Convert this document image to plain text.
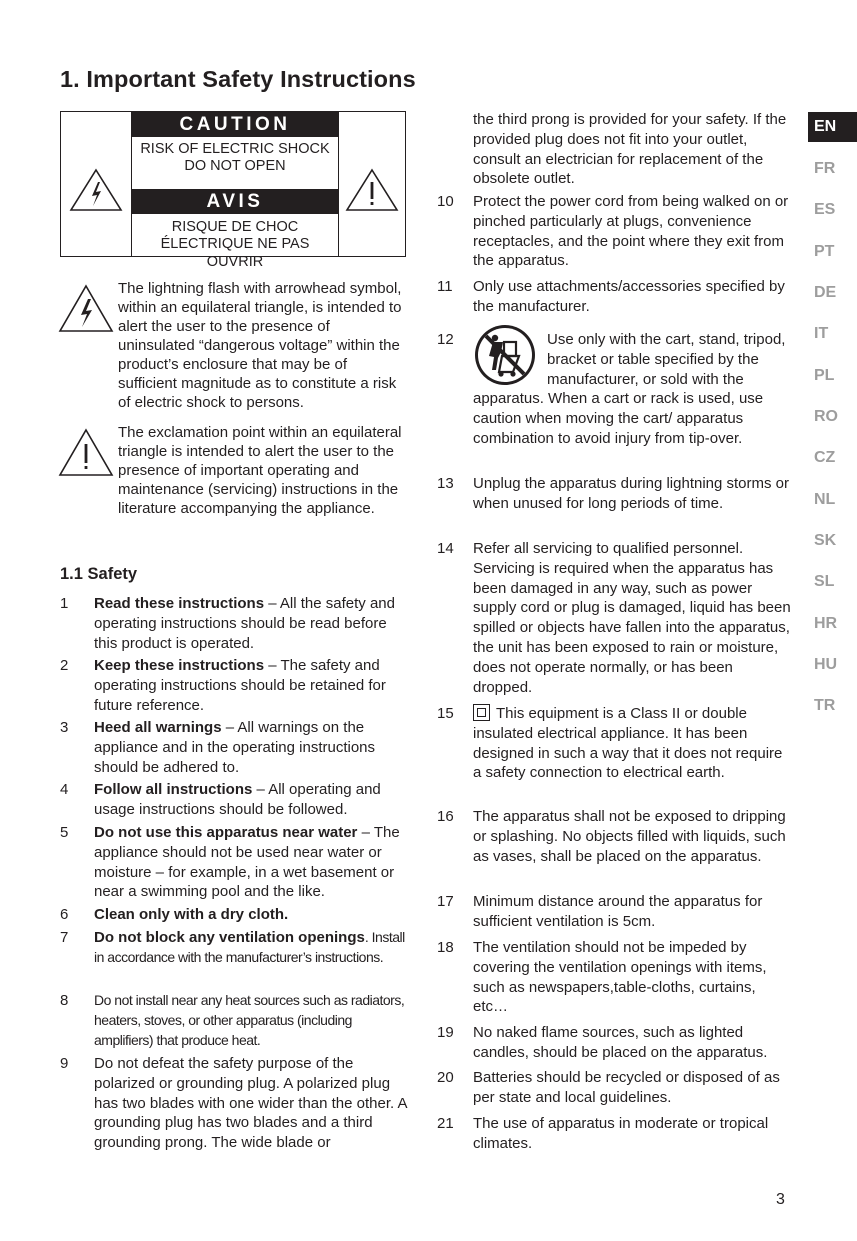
1. Important Safety Instructions
CAUTION
RISK OF ELECTRIC SHOCK
DO NOT OPEN
AVIS
RISQUE DE CHOC
ÉLECTRIQUE NE PAS OUVRIR
The lightning flash with arrowhead symbol, within an equilateral triangle, is intended to alert the user to the presence of uninsulated “dangerous voltage” within the product’s enclosure that may be of sufficient magnitude as to constitute a risk of electric shock to persons.
The exclamation point within an equilateral triangle is intended to alert the user to the presence of important operating and maintenance (servicing) instructions in the literature accompanying the appliance.
1.1 Safety
1 Read these instructions – All the safety and operating instructions should be read before this product is operated.
2 Keep these instructions – The safety and operating instructions should be retained for future reference.
3 Heed all warnings – All warnings on the appliance and in the operating instructions should be adhered to.
4 Follow all instructions – All operating and usage instructions should be followed.
5 Do not use this apparatus near water – The appliance should not be used near water or moisture – for example, in a wet basement or near a swimming pool and the like.
6 Clean only with a dry cloth.
7 Do not block any ventilation openings. Install in accordance with the manufacturer’s instructions.
8 Do not install near any heat sources such as radiators, heaters, stoves, or other apparatus (including amplifiers) that produce heat.
9 Do not defeat the safety purpose of the polarized or grounding plug. A polarized plug has two blades with one wider than the other. A grounding plug has two blades and a third grounding prong. The wide blade or
the third prong is provided for your safety. If the provided plug does not fit into your outlet, consult an electrician for replacement of the obsolete outlet.
10 Protect the power cord from being walked on or pinched particularly at plugs, convenience receptacles, and the point where they exit from the apparatus.
11 Only use attachments/accessories specified by the manufacturer.
12	Use only with the cart, stand, tripod, bracket or table specified by the manufacturer, or sold with the apparatus. When a cart or rack is used, use caution when moving the cart/ apparatus combination to avoid injury from tip-over.
13 Unplug the apparatus during lightning storms or when unused for long periods of time.
14 Refer all servicing to qualified personnel. Servicing is required when the apparatus has been damaged in any way, such as power supply cord or plug is damaged, liquid has been spilled or objects have fallen into the apparatus, the unit has been exposed to rain or moisture, does not operate normally, or has been dropped.
15	This equipment is a Class II or double insulated electrical appliance. It has been designed in such a way that it does not require a safety connection to electrical earth.
16 The apparatus shall not be exposed to dripping or splashing. No objects filled with liquids, such as vases, shall be placed on the apparatus.
17 Minimum distance around the apparatus for sufficient ventilation is 5cm.
18 The ventilation should not be impeded by covering the ventilation openings with items, such as newspapers,table-cloths, curtains, etc…
19 No naked flame sources, such as lighted candles, should be placed on the apparatus.
20 Batteries should be recycled or disposed of as per state and local guidelines.
21 The use of apparatus in moderate or tropical climates.
EN
FR
ES
PT
DE
IT
PL
RO
CZ
NL
SK
SL
HR
HU
TR
3
